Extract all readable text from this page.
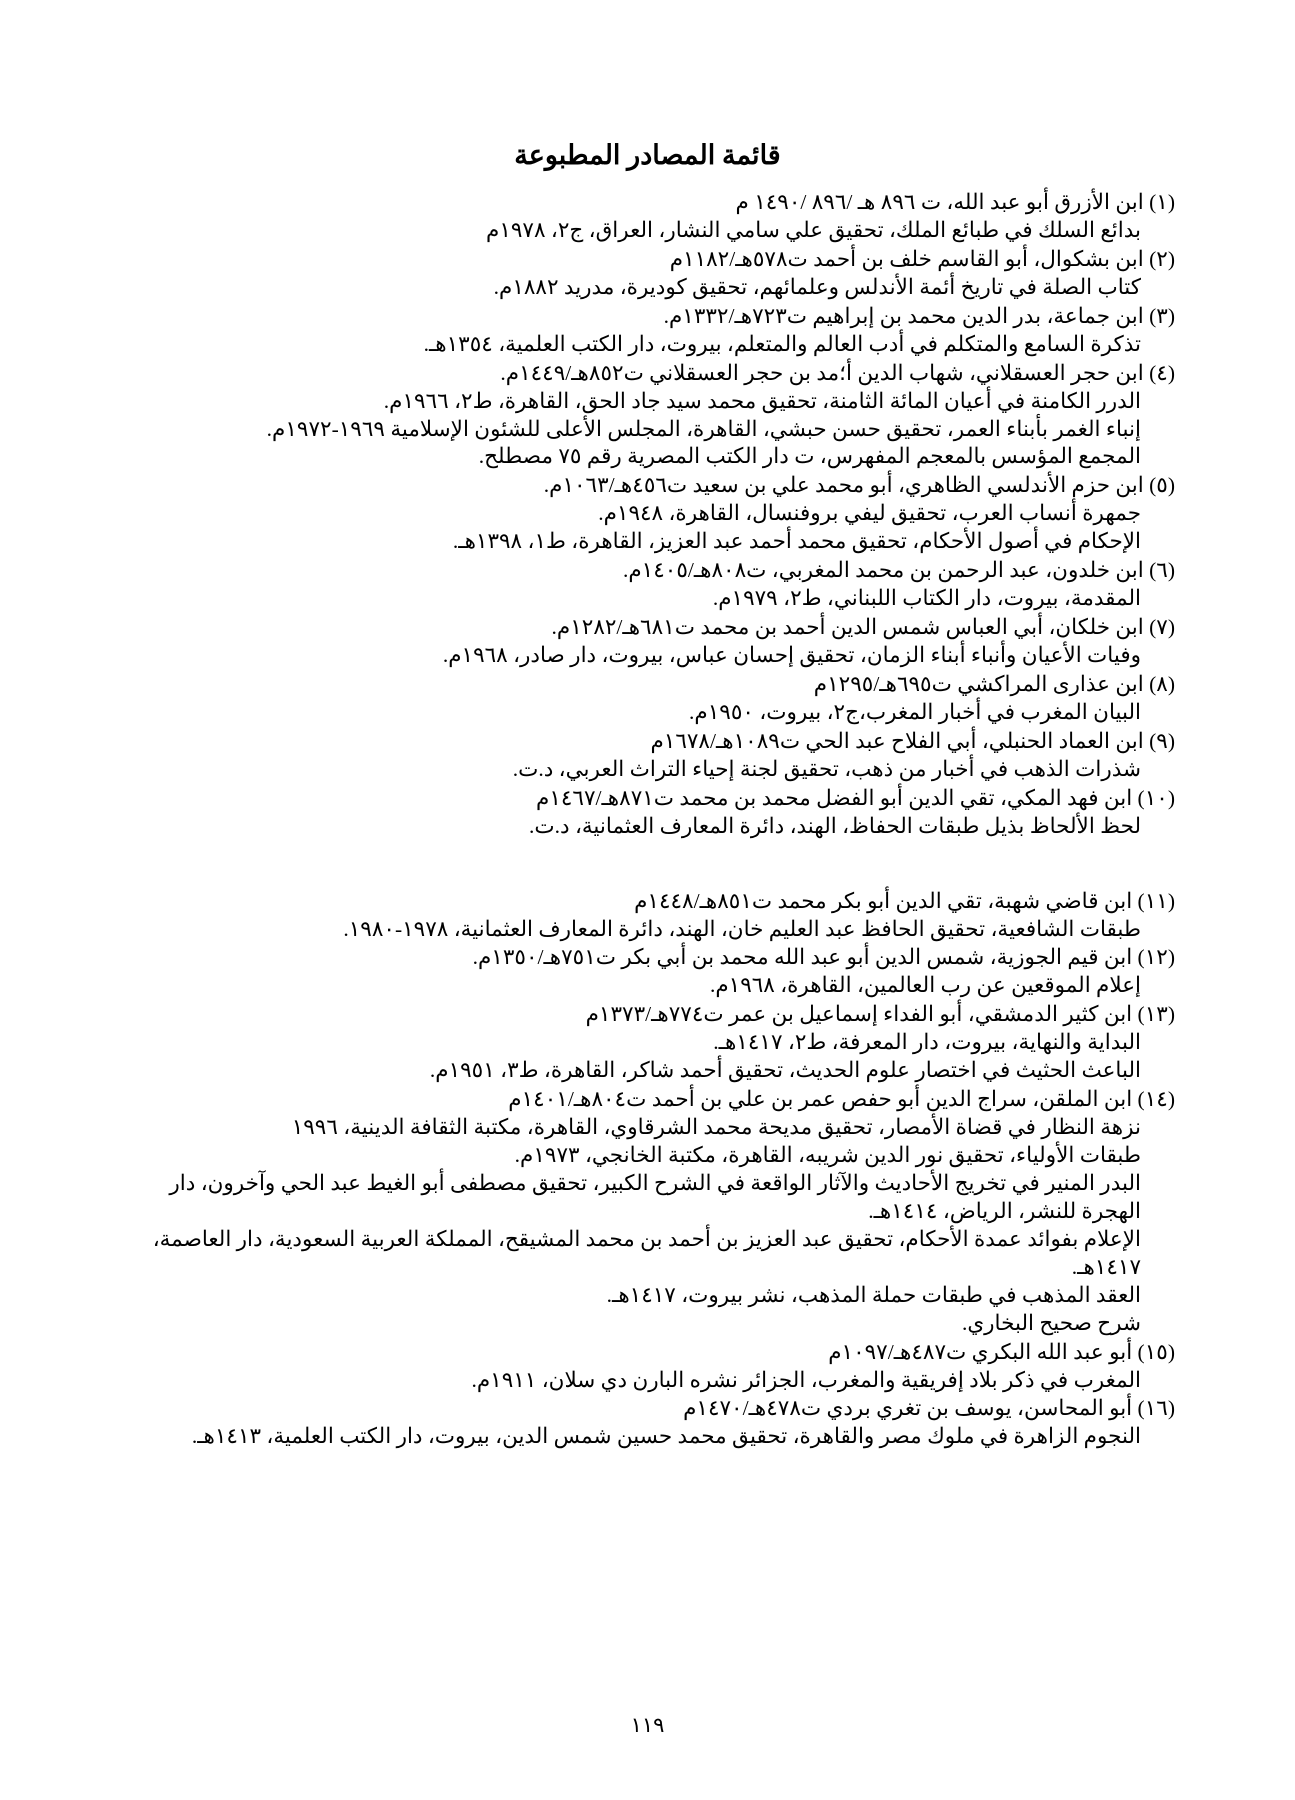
قائمة المصادر المطبوعة
(١) ابن الأزرق أبو عبد الله، ت ٨٩٦ هـ /٨٩٦ /١٤٩٠ م
بدائع السلك في طبائع الملك، تحقيق علي سامي النشار، العراق، ج٢، ١٩٧٨م
(٢) ابن بشكوال، أبو القاسم خلف بن أحمد ت٥٧٨هـ/١١٨٢م
كتاب الصلة في تاريخ أئمة الأندلس وعلمائهم، تحقيق كوديرة، مدريد ١٨٨٢م.
(٣) ابن جماعة، بدر الدين محمد بن إبراهيم ت٧٢٣هـ/١٣٣٢م.
تذكرة السامع والمتكلم في أدب العالم والمتعلم، بيروت، دار الكتب العلمية، ١٣٥٤هـ.
(٤) ابن حجر العسقلاني، شهاب الدين أ؛مد بن حجر العسقلاني ت٨٥٢هـ/١٤٤٩م.
الدرر الكامنة في أعيان المائة الثامنة، تحقيق محمد سيد جاد الحق، القاهرة، ط٢، ١٩٦٦م.
إنباء الغمر بأبناء العمر، تحقيق حسن حبشي، القاهرة، المجلس الأعلى للشئون الإسلامية ١٩٦٩-١٩٧٢م.
المجمع المؤسس بالمعجم المفهرس، ت دار الكتب المصرية رقم ٧٥ مصطلح.
(٥) ابن حزم الأندلسي الظاهري، أبو محمد علي بن سعيد ت٤٥٦هـ/١٠٦٣م.
جمهرة أنساب العرب، تحقيق ليفي بروفنسال، القاهرة، ١٩٤٨م.
الإحكام في أصول الأحكام، تحقيق محمد أحمد عبد العزيز، القاهرة، ط١، ١٣٩٨هـ.
(٦) ابن خلدون، عبد الرحمن بن محمد المغربي، ت٨٠٨هـ/١٤٠٥م.
المقدمة، بيروت، دار الكتاب اللبناني، ط٢، ١٩٧٩م.
(٧) ابن خلكان، أبي العباس شمس الدين أحمد بن محمد ت٦٨١هـ/١٢٨٢م.
وفيات الأعيان وأنباء أبناء الزمان، تحقيق إحسان عباس، بيروت، دار صادر، ١٩٦٨م.
(٨) ابن عذارى المراكشي ت٦٩٥هـ/١٢٩٥م
البيان المغرب في أخبار المغرب،ج٢، بيروت، ١٩٥٠م.
(٩) ابن العماد الحنبلي، أبي الفلاح عبد الحي ت١٠٨٩هـ/١٦٧٨م
شذرات الذهب في أخبار من ذهب، تحقيق لجنة إحياء التراث العربي، د.ت.
(١٠) ابن فهد المكي، تقي الدين أبو الفضل محمد بن محمد ت٨٧١هـ/١٤٦٧م
لحظ الألحاظ بذيل طبقات الحفاظ، الهند، دائرة المعارف العثمانية، د.ت.
(١١) ابن قاضي شهبة، تقي الدين أبو بكر محمد ت٨٥١هـ/١٤٤٨م
طبقات الشافعية، تحقيق الحافظ عبد العليم خان، الهند، دائرة المعارف العثمانية، ١٩٧٨-١٩٨٠.
(١٢) ابن قيم الجوزية، شمس الدين أبو عبد الله محمد بن أبي بكر ت٧٥١هـ/١٣٥٠م.
إعلام الموقعين عن رب العالمين، القاهرة، ١٩٦٨م.
(١٣) ابن كثير الدمشقي، أبو الفداء إسماعيل بن عمر ت٧٧٤هـ/١٣٧٣م
البداية والنهاية، بيروت، دار المعرفة، ط٢، ١٤١٧هـ.
الباعث الحثيث في اختصار علوم الحديث، تحقيق أحمد شاكر، القاهرة، ط٣، ١٩٥١م.
(١٤) ابن الملقن، سراج الدين أبو حفص عمر بن علي بن أحمد ت٨٠٤هـ/١٤٠١م
نزهة النظار في قضاة الأمصار، تحقيق مديحة محمد الشرقاوي، القاهرة، مكتبة الثقافة الدينية، ١٩٩٦
طبقات الأولياء، تحقيق نور الدين شريبه، القاهرة، مكتبة الخانجي، ١٩٧٣م.
البدر المنير في تخريج الأحاديث والآثار الواقعة في الشرح الكبير، تحقيق مصطفى أبو الغيط عبد الحي وآخرون، دار الهجرة للنشر، الرياض، ١٤١٤هـ.
الإعلام بفوائد عمدة الأحكام، تحقيق عبد العزيز بن أحمد بن محمد المشيقح، المملكة العربية السعودية، دار العاصمة، ١٤١٧هـ.
العقد المذهب في طبقات حملة المذهب، نشر بيروت، ١٤١٧هـ.
شرح صحيح البخاري.
(١٥) أبو عبد الله البكري ت٤٨٧هـ/١٠٩٧م
المغرب في ذكر بلاد إفريقية والمغرب، الجزائر نشره البارن دي سلان، ١٩١١م.
(١٦) أبو المحاسن، يوسف بن تغري بردي ت٤٧٨هـ/١٤٧٠م
النجوم الزاهرة في ملوك مصر والقاهرة، تحقيق محمد حسين شمس الدين، بيروت، دار الكتب العلمية، ١٤١٣هـ.
١١٩
